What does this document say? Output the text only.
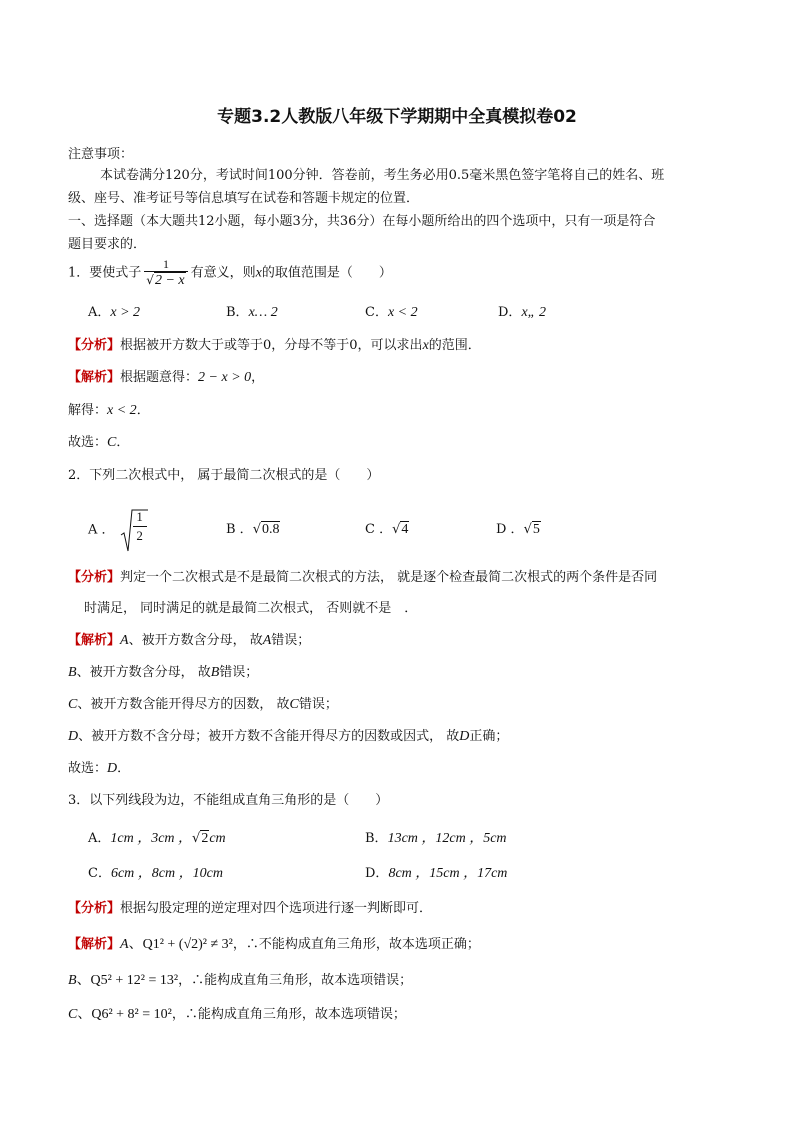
专题3.2人教版八年级下学期期中全真模拟卷02
注意事项：
本试卷满分120分，考试时间100分钟．答卷前，考生务必用0.5毫米黑色签字笔将自己的姓名、班
级、座号、准考证号等信息填写在试卷和答题卡规定的位置．
一、选择题（本大题共12小题，每小题3分，共36分）在每小题所给出的四个选项中，只有一项是符合
题目要求的．
1．要使式子 $\frac{1}{√2 - x}$ 有意义，则x的取值范围是（　　）
A．x > 2	B．x… 2	C．x < 2	D．x„ 2
【分析】根据被开方数大于或等于0，分母不等于0，可以求出x的范围．
【解析】根据题意得：2 − x > 0，
解得：x < 2．
故选：C．
2．下列二次根式中， 属于最简二次根式的是（　　）
A ．
1
2	B ．√0.8	C ．√4	D ．√5
【分析】判定一个二次根式是不是最简二次根式的方法， 就是逐个检查最简二次根式的两个条件是否同
时满足， 同时满足的就是最简二次根式， 否则就不是　．
【解析】A、被开方数含分母， 故A错误；
B、被开方数含分母， 故B错误；
C、被开方数含能开得尽方的因数， 故C错误；
D、被开方数不含分母；被开方数不含能开得尽方的因数或因式， 故D正确；
故选：D．
3．以下列线段为边，不能组成直角三角形的是（　　）
A．1cm ，3cm ，√2cm	B．13cm ，12cm ，5cm
C．6cm ，8cm ，10cm	D．8cm ，15cm ，17cm
【分析】根据勾股定理的逆定理对四个选项进行逐一判断即可．
【解析】A、Q1² + (√2)² ≠ 3²，∴不能构成直角三角形，故本选项正确；
B、Q5² + 12² = 13²，∴能构成直角三角形，故本选项错误；
C、Q6² + 8² = 10²，∴能构成直角三角形，故本选项错误；
